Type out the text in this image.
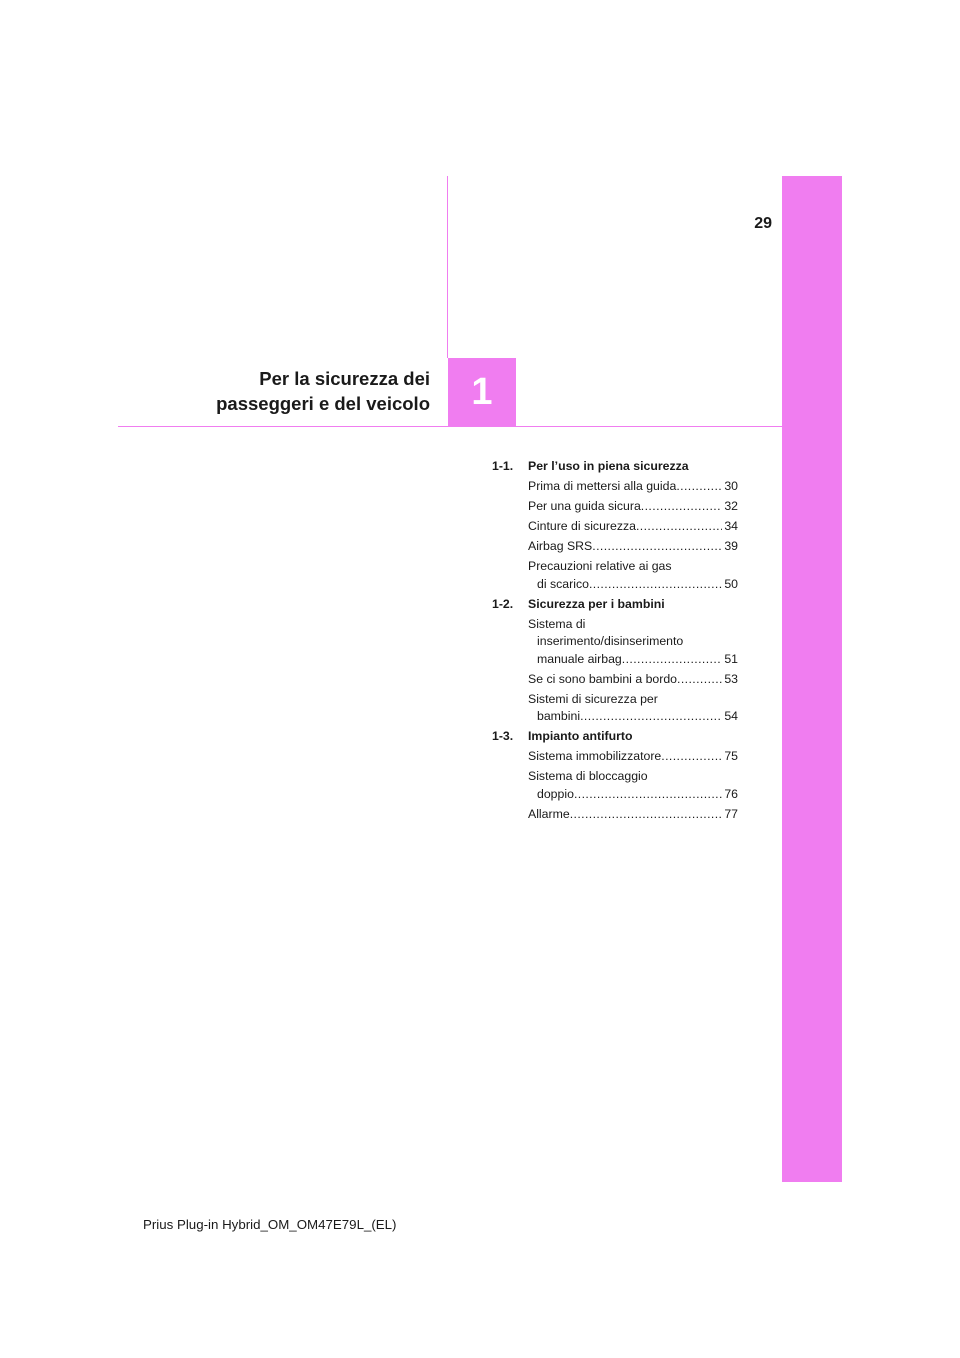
1
29
Per la sicurezza dei
passeggeri e del veicolo
1-1. Per l’uso in piena sicurezza
Prima di mettersi alla guida .....	30
Per una guida sicura .....	32
Cinture di sicurezza .....	34
Airbag SRS .....	39
Precauzioni relative ai gas
di scarico .....	50
1-2. Sicurezza per i bambini
Sistema di
inserimento/disinserimento
manuale airbag .....	51
Se ci sono bambini a bordo .....	53
Sistemi di sicurezza per
bambini .....	54
1-3. Impianto antifurto
Sistema immobilizzatore .....	75
Sistema di bloccaggio
doppio .....	76
Allarme .....	77
Prius Plug-in Hybrid_OM_OM47E79L_(EL)
